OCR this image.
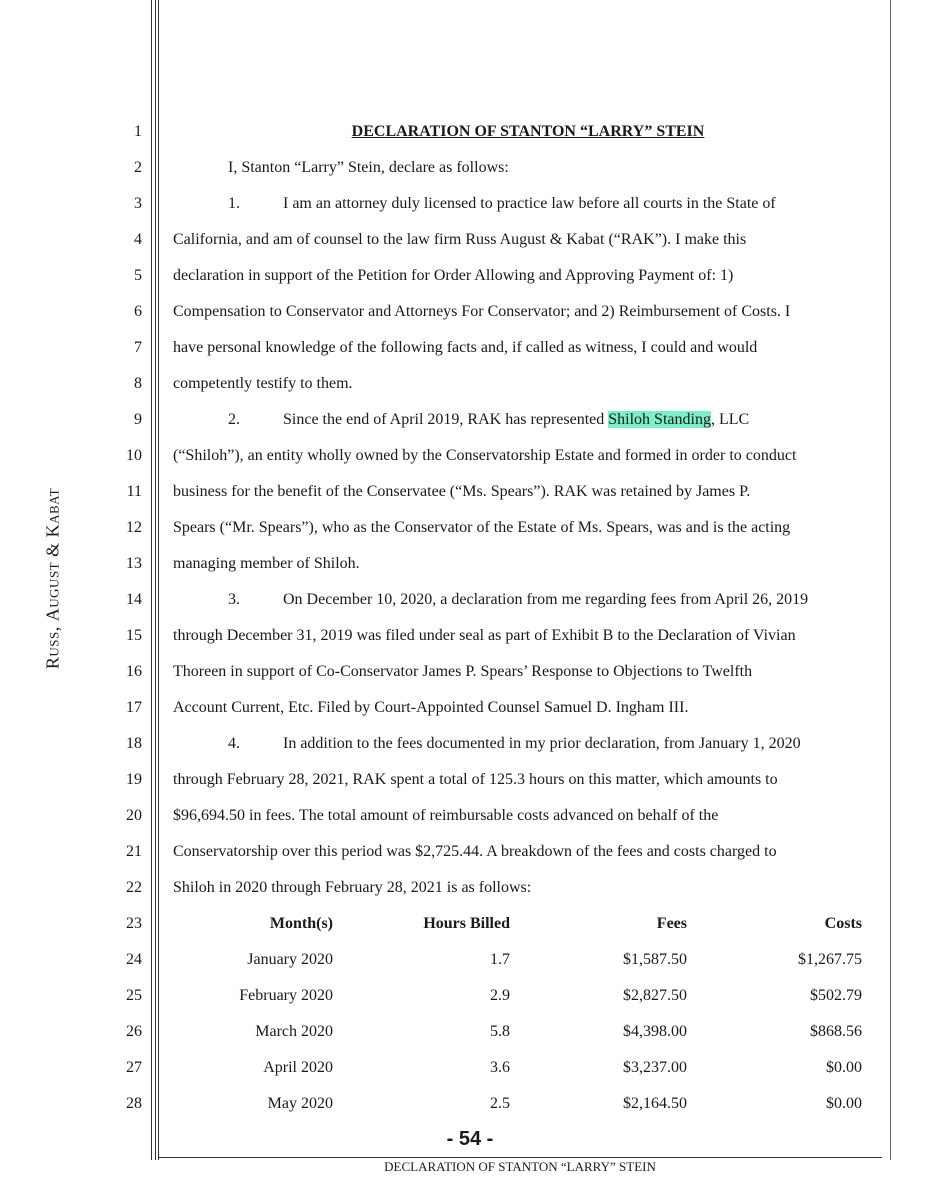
Russ, August & Kabat
1
2
3
4
5
6
7
8
9
10
11
12
13
14
15
16
17
18
19
20
21
22
23
24
25
26
27
28
DECLARATION OF STANTON “LARRY” STEIN
I, Stanton “Larry” Stein, declare as follows:
1.	I am an attorney duly licensed to practice law before all courts in the State of
California, and am of counsel to the law firm Russ August & Kabat (“RAK”). I make this
declaration in support of the Petition for Order Allowing and Approving Payment of: 1)
Compensation to Conservator and Attorneys For Conservator; and 2) Reimbursement of Costs. I
have personal knowledge of the following facts and, if called as witness, I could and would
competently testify to them.
2.	Since the end of April 2019, RAK has represented Shiloh Standing, LLC
(“Shiloh”), an entity wholly owned by the Conservatorship Estate and formed in order to conduct
business for the benefit of the Conservatee (“Ms. Spears”). RAK was retained by James P.
Spears (“Mr. Spears”), who as the Conservator of the Estate of Ms. Spears, was and is the acting
managing member of Shiloh.
3.	On December 10, 2020, a declaration from me regarding fees from April 26, 2019
through December 31, 2019 was filed under seal as part of Exhibit B to the Declaration of Vivian
Thoreen in support of Co-Conservator James P. Spears’ Response to Objections to Twelfth
Account Current, Etc. Filed by Court-Appointed Counsel Samuel D. Ingham III.
4.	In addition to the fees documented in my prior declaration, from January 1, 2020
through February 28, 2021, RAK spent a total of 125.3 hours on this matter, which amounts to
$96,694.50 in fees. The total amount of reimbursable costs advanced on behalf of the
Conservatorship over this period was $2,725.44. A breakdown of the fees and costs charged to
Shiloh in 2020 through February 28, 2021 is as follows:
Month(s)	Hours Billed	Fees	Costs
January 2020	1.7	$1,587.50	$1,267.75
February 2020	2.9	$2,827.50	$502.79
March 2020	5.8	$4,398.00	$868.56
April 2020	3.6	$3,237.00	$0.00
May 2020	2.5	$2,164.50	$0.00
- 54 -
DECLARATION OF STANTON “LARRY” STEIN
